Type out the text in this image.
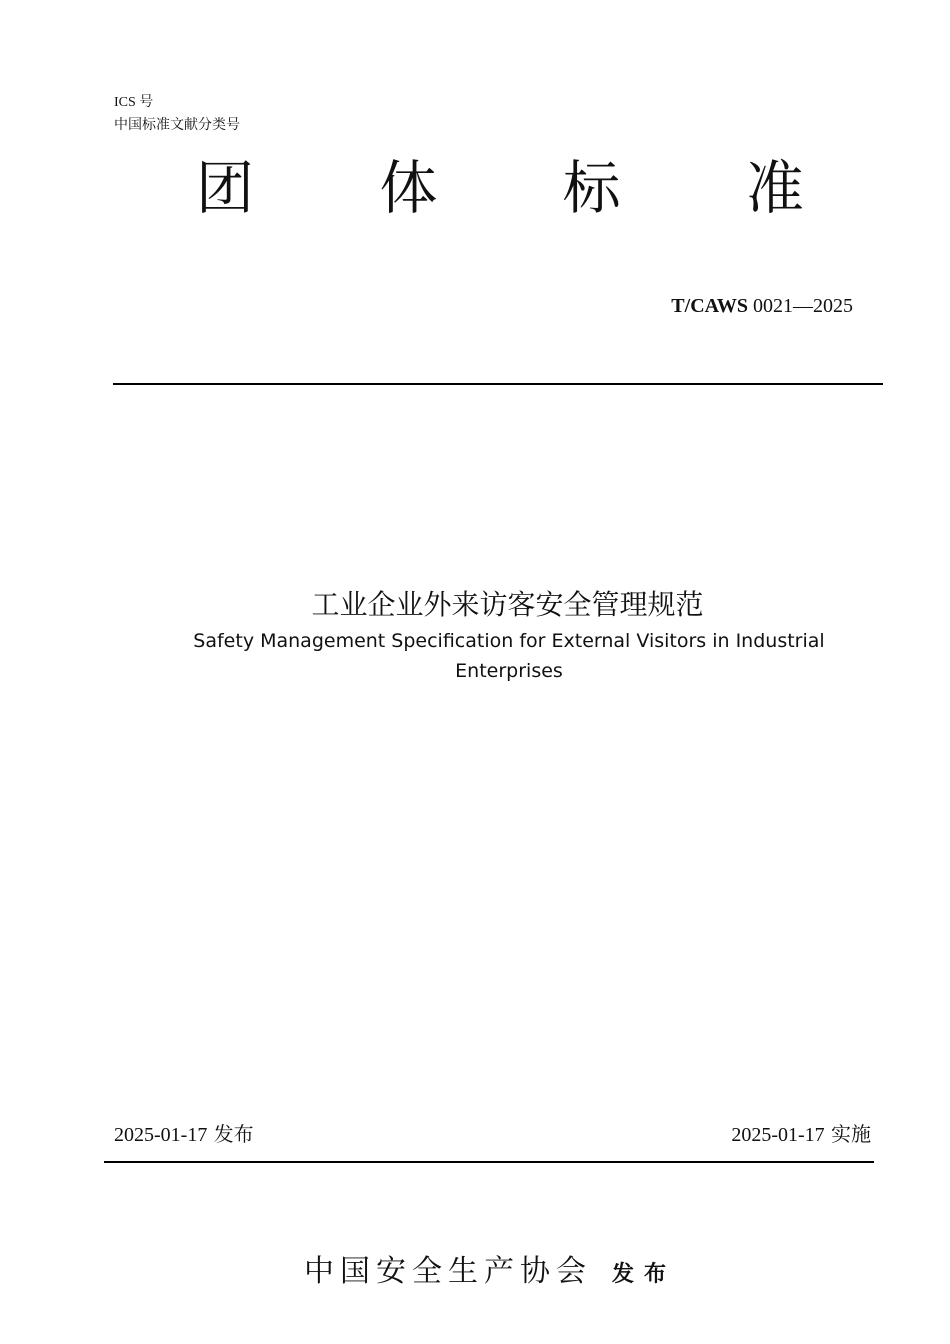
ICS 号
中国标准文献分类号
团 体 标 准
T/CAWS 0021—2025
工业企业外来访客安全管理规范
Safety Management Specification for External Visitors in Industrial Enterprises
2025-01-17 发布	2025-01-17 实施
中国安全生产协会 发布
